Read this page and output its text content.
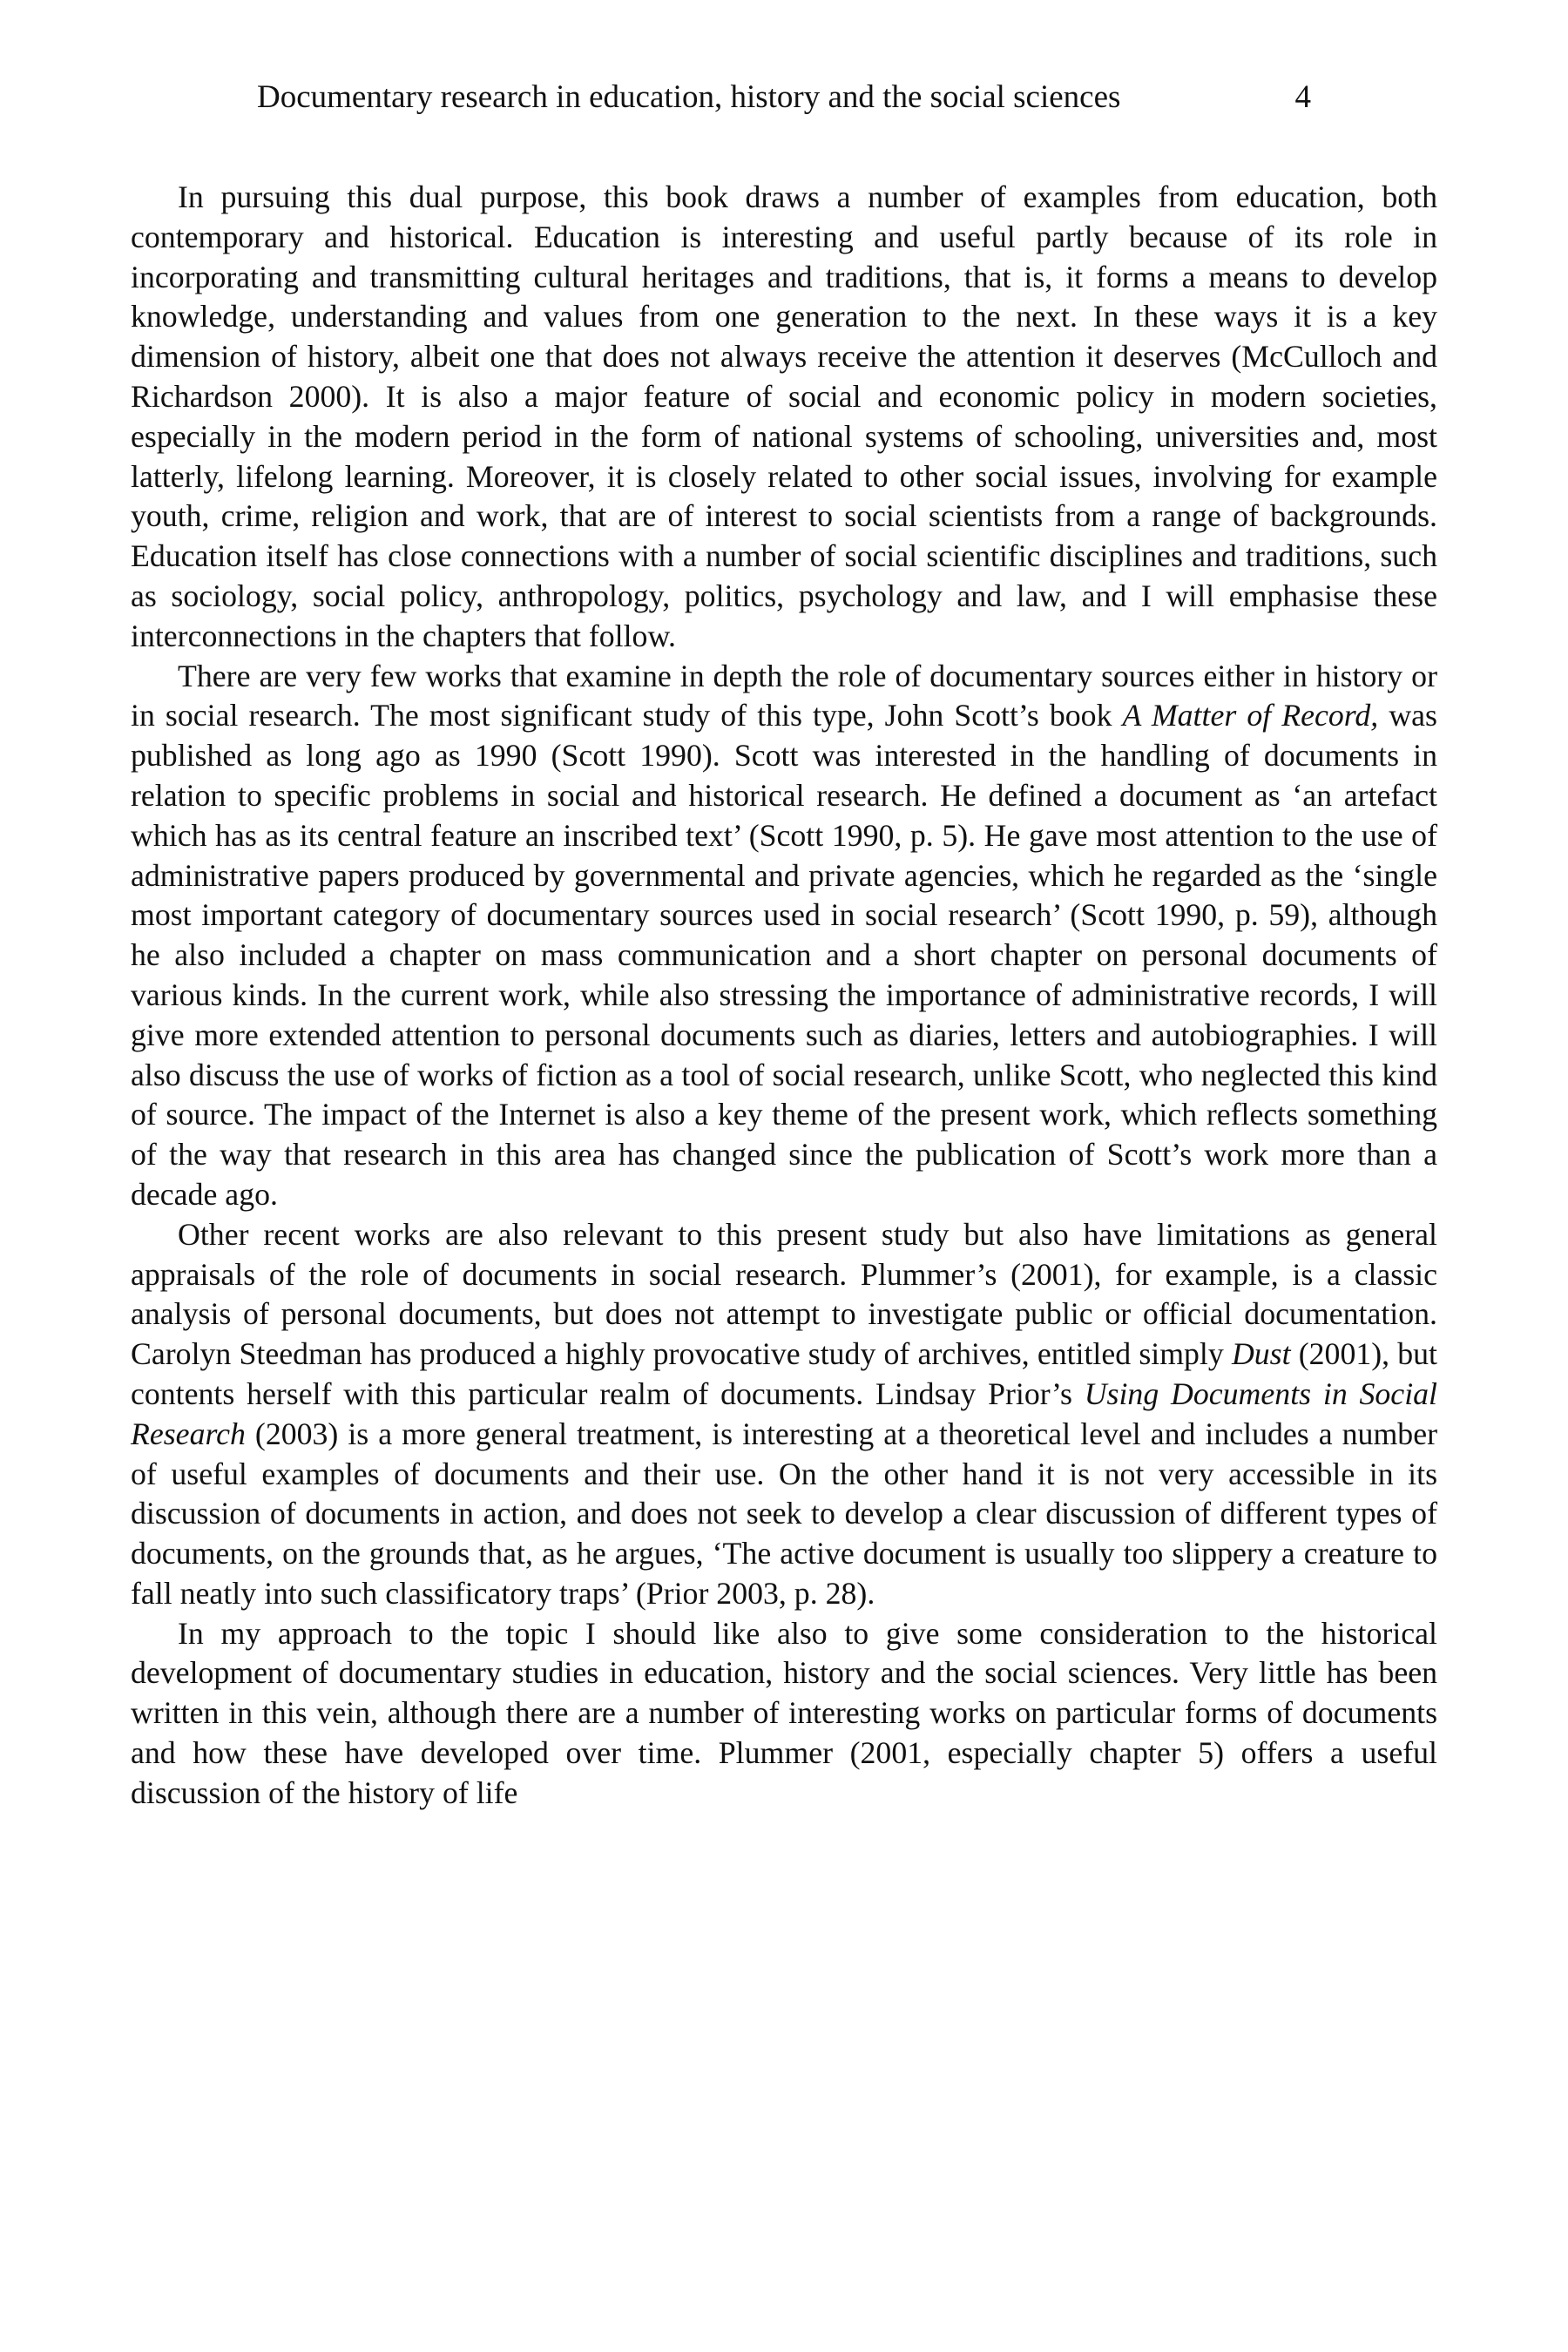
Documentary research in education, history and the social sciences	4

In pursuing this dual purpose, this book draws a number of examples from education, both contemporary and historical. Education is interesting and useful partly because of its role in incorporating and transmitting cultural heritages and traditions, that is, it forms a means to develop knowledge, understanding and values from one generation to the next. In these ways it is a key dimension of history, albeit one that does not always receive the attention it deserves (McCulloch and Richardson 2000). It is also a major feature of social and economic policy in modern societies, especially in the modern period in the form of national systems of schooling, universities and, most latterly, lifelong learning. Moreover, it is closely related to other social issues, involving for example youth, crime, religion and work, that are of interest to social scientists from a range of backgrounds. Education itself has close connections with a number of social scientific disciplines and traditions, such as sociology, social policy, anthropology, politics, psychology and law, and I will emphasise these interconnections in the chapters that follow.

There are very few works that examine in depth the role of documentary sources either in history or in social research. The most significant study of this type, John Scott’s book A Matter of Record, was published as long ago as 1990 (Scott 1990). Scott was interested in the handling of documents in relation to specific problems in social and historical research. He defined a document as ‘an artefact which has as its central feature an inscribed text’ (Scott 1990, p. 5). He gave most attention to the use of administrative papers produced by governmental and private agencies, which he regarded as the ‘single most important category of documentary sources used in social research’ (Scott 1990, p. 59), although he also included a chapter on mass communication and a short chapter on personal documents of various kinds. In the current work, while also stressing the importance of administrative records, I will give more extended attention to personal documents such as diaries, letters and autobiographies. I will also discuss the use of works of fiction as a tool of social research, unlike Scott, who neglected this kind of source. The impact of the Internet is also a key theme of the present work, which reflects something of the way that research in this area has changed since the publication of Scott’s work more than a decade ago.

Other recent works are also relevant to this present study but also have limitations as general appraisals of the role of documents in social research. Plummer’s (2001), for example, is a classic analysis of personal documents, but does not attempt to investigate public or official documentation. Carolyn Steedman has produced a highly provocative study of archives, entitled simply Dust (2001), but contents herself with this particular realm of documents. Lindsay Prior’s Using Documents in Social Research (2003) is a more general treatment, is interesting at a theoretical level and includes a number of useful examples of documents and their use. On the other hand it is not very accessible in its discussion of documents in action, and does not seek to develop a clear discussion of different types of documents, on the grounds that, as he argues, ‘The active document is usually too slippery a creature to fall neatly into such classificatory traps’ (Prior 2003, p. 28).

In my approach to the topic I should like also to give some consideration to the historical development of documentary studies in education, history and the social sciences. Very little has been written in this vein, although there are a number of interesting works on particular forms of documents and how these have developed over time. Plummer (2001, especially chapter 5) offers a useful discussion of the history of life
